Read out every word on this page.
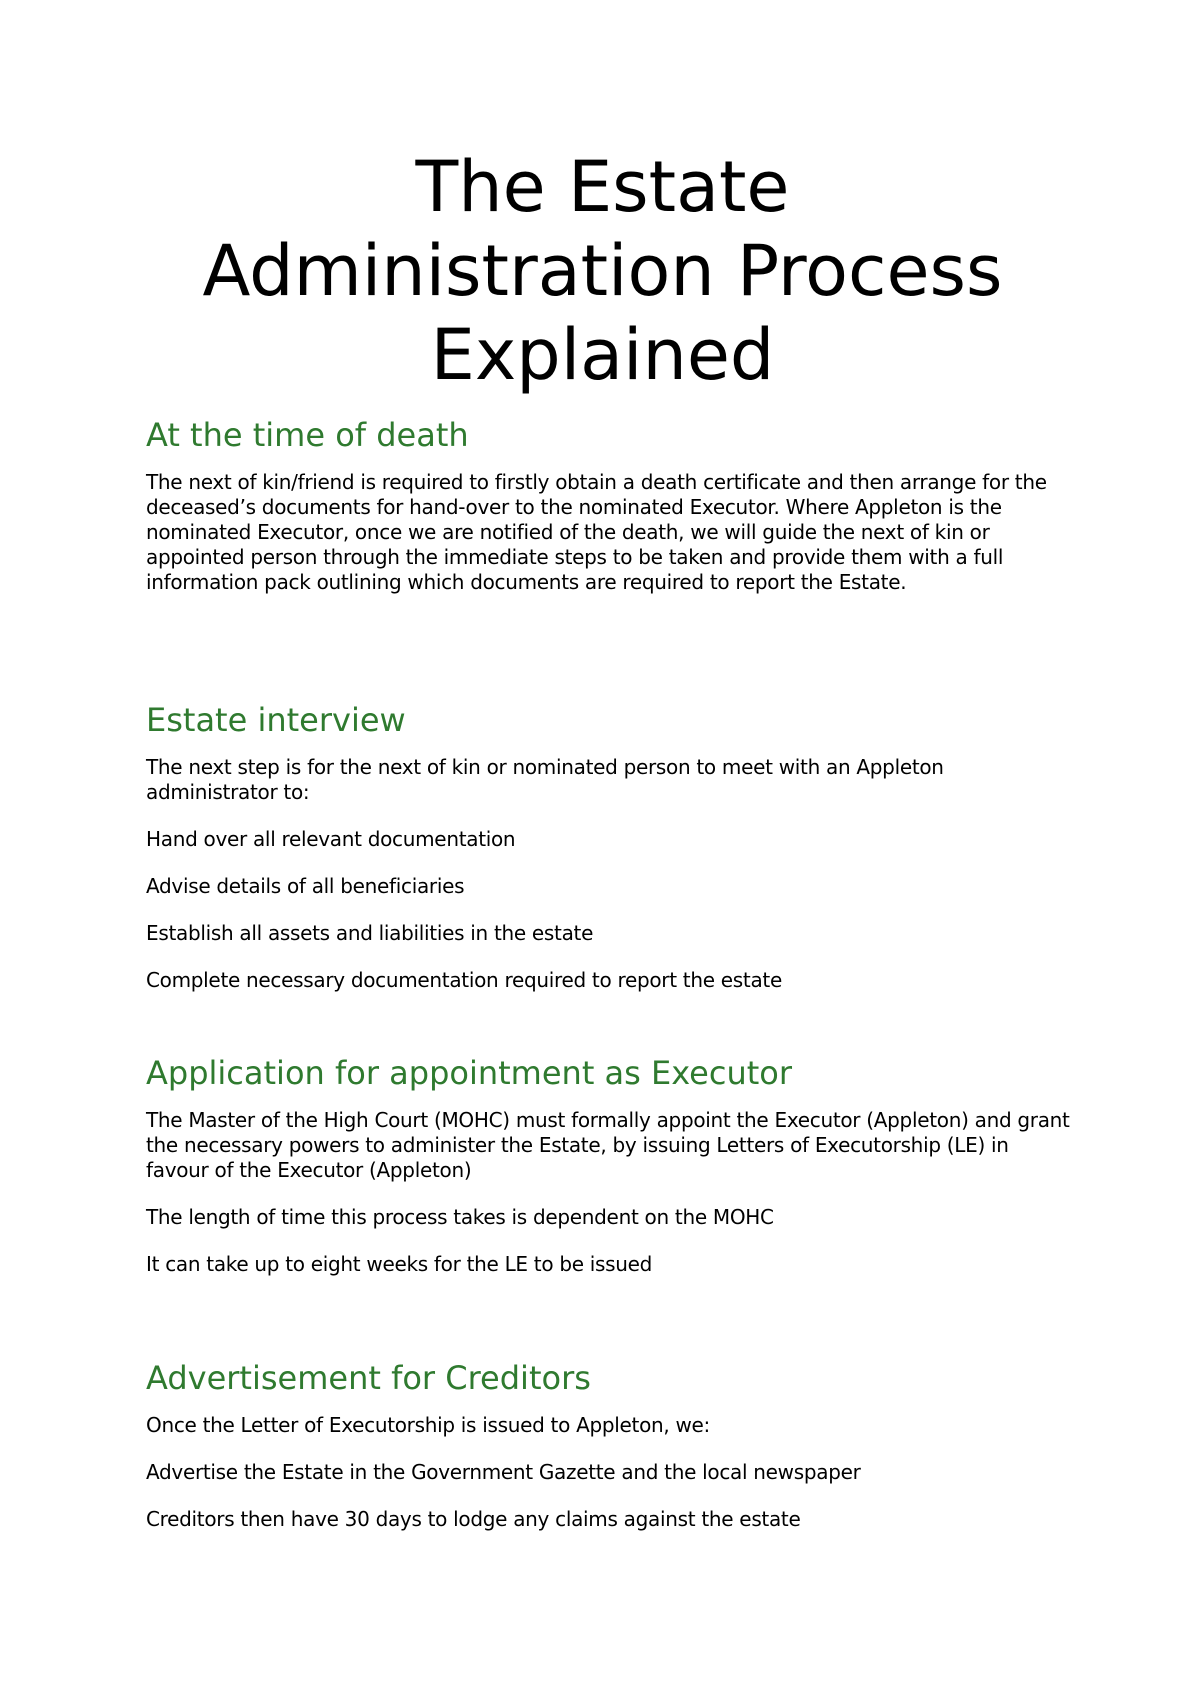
The Estate
Administration Process
Explained
At the time of death

The next of kin/friend is required to firstly obtain a death certificate and then arrange for the deceased’s documents for hand-over to the nominated Executor. Where Appleton is the nominated Executor, once we are notified of the death, we will guide the next of kin or appointed person through the immediate steps to be taken and provide them with a full information pack outlining which documents are required to report the Estate.

Estate interview

The next step is for the next of kin or nominated person to meet with an Appleton administrator to:

Hand over all relevant documentation

Advise details of all beneficiaries

Establish all assets and liabilities in the estate

Complete necessary documentation required to report the estate

Application for appointment as Executor

The Master of the High Court (MOHC) must formally appoint the Executor (Appleton) and grant the necessary powers to administer the Estate, by issuing Letters of Executorship (LE) in favour of the Executor (Appleton)

The length of time this process takes is dependent on the MOHC

It can take up to eight weeks for the LE to be issued

Advertisement for Creditors

Once the Letter of Executorship is issued to Appleton, we:

Advertise the Estate in the Government Gazette and the local newspaper

Creditors then have 30 days to lodge any claims against the estate
